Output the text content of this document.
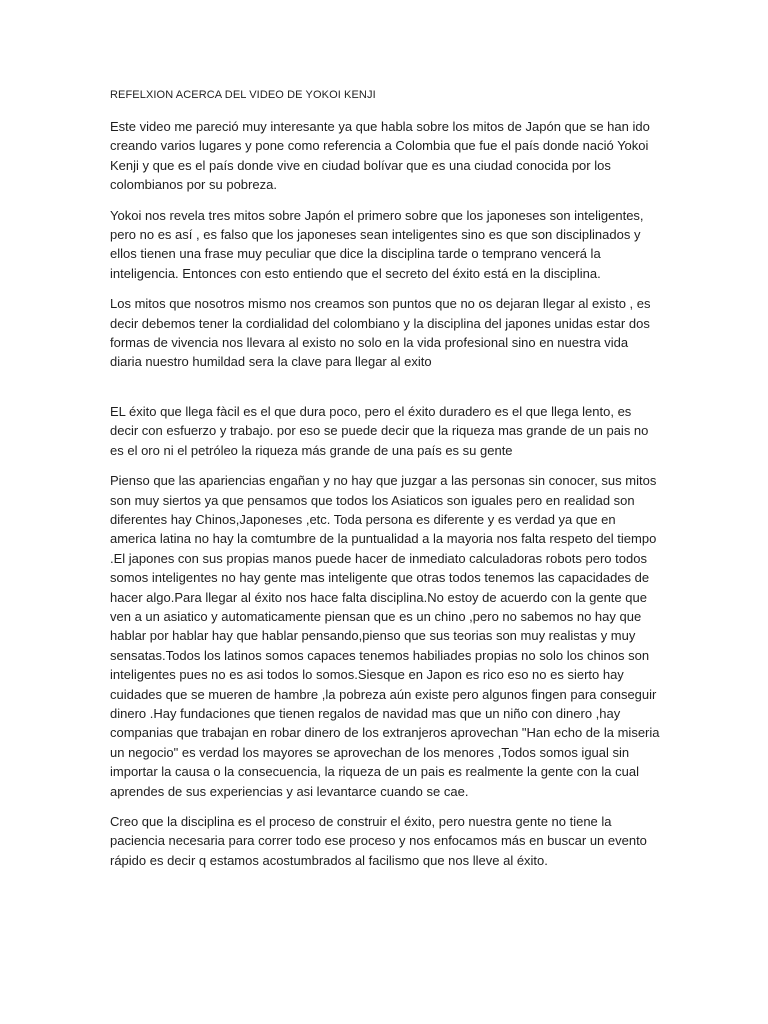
REFELXION ACERCA DEL VIDEO DE YOKOI KENJI

Este video me pareció muy interesante ya que habla sobre los mitos de Japón que se han ido creando varios lugares y pone como referencia a Colombia que fue el país donde nació Yokoi Kenji y que es el país donde vive en ciudad bolívar que es una ciudad conocida por los colombianos por su pobreza.

Yokoi nos revela tres mitos sobre Japón el primero sobre que los japoneses son inteligentes, pero no es así , es falso que los japoneses sean inteligentes sino es que son disciplinados y ellos tienen una frase muy peculiar que dice la disciplina tarde o temprano vencerá la inteligencia. Entonces con esto entiendo que el secreto del éxito está en la disciplina.

Los mitos que nosotros mismo nos creamos son puntos que no os dejaran llegar al existo , es decir debemos tener la cordialidad del colombiano y la disciplina del japones unidas estar dos formas de vivencia nos llevara al existo no solo en la vida profesional sino en nuestra vida diaria nuestro humildad sera la clave para llegar al exito

EL éxito que llega fàcil es el que dura poco, pero el éxito duradero es el que llega lento, es decir con esfuerzo y trabajo. por eso se puede decir que la riqueza mas grande de un pais no es el oro ni el petróleo la riqueza más grande de una país es su gente

Pienso que las apariencias engañan y no hay que juzgar a las personas sin conocer, sus mitos son muy siertos ya que pensamos que todos los Asiaticos son iguales pero en realidad son diferentes hay Chinos,Japoneses ,etc. Toda persona es diferente y es verdad ya que en america latina no hay la comtumbre de la puntualidad a la mayoria nos falta respeto del tiempo .El japones con sus propias manos puede hacer de inmediato calculadoras robots pero todos somos inteligentes no hay gente mas inteligente que otras todos tenemos las capacidades de hacer algo.Para llegar al éxito nos hace falta disciplina.No estoy de acuerdo con la gente que ven a un asiatico y automaticamente piensan que es un chino ,pero no sabemos no hay que hablar por hablar hay que hablar pensando,pienso que sus teorias son muy realistas y muy sensatas.Todos los latinos somos capaces tenemos habiliades propias no solo los chinos son inteligentes pues no es asi todos lo somos.Siesque en Japon es rico eso no es sierto hay cuidades que se mueren de hambre ,la pobreza aún existe pero algunos fingen para conseguir dinero .Hay fundaciones que tienen regalos de navidad mas que un niño con dinero ,hay companias que trabajan en robar dinero de los extranjeros aprovechan "Han echo de la miseria un negocio" es verdad los mayores se aprovechan de los menores ,Todos somos igual sin importar la causa o la consecuencia, la riqueza de un pais es realmente la gente con la cual aprendes de sus experiencias y asi levantarce cuando se cae.

Creo que la disciplina es el proceso de construir el éxito, pero nuestra gente no tiene la paciencia necesaria para correr todo ese proceso y nos enfocamos más en buscar un evento rápido es decir q estamos acostumbrados al facilismo que nos lleve al éxito.
